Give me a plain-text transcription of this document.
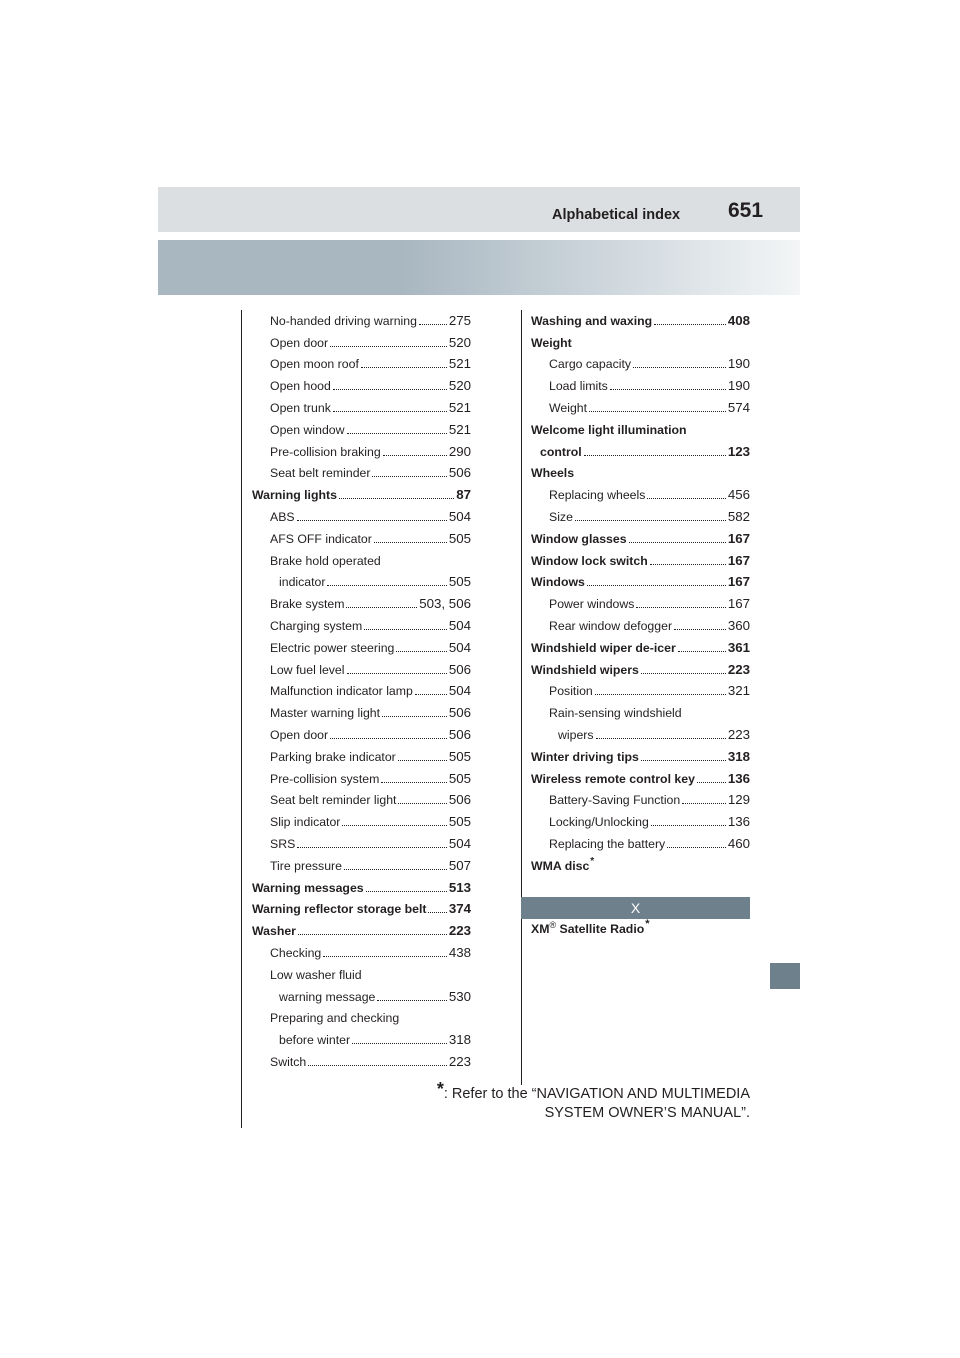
Alphabetical index 651
No-handed driving warning 275
Open door	520
Open moon roof	521
Open hood	520
Open trunk	521
Open window	521
Pre-collision braking	290
Seat belt reminder	506
Warning lights	87
ABS	504
AFS OFF indicator	505
Brake hold operated
indicator	505
Brake system	503, 506
Charging system	504
Electric power steering	504
Low fuel level	506
Malfunction indicator lamp	504
Master warning light	506
Open door	506
Parking brake indicator	505
Pre-collision system	505
Seat belt reminder light	506
Slip indicator	505
SRS	504
Tire pressure	507
Warning messages	513
Warning reflector storage belt 374
Washer	223
Checking	438
Low washer fluid
warning message	530
Preparing and checking
before winter	318
Switch	223
Washing and waxing	408
Weight
Cargo capacity	190
Load limits	190
Weight	574
Welcome light illumination
control	123
Wheels
Replacing wheels	456
Size	582
Window glasses	167
Window lock switch	167
Windows	167
Power windows	167
Rear window defogger	360
Windshield wiper de-icer	361
Windshield wipers	223
Position	321
Rain-sensing windshield
wipers	223
Winter driving tips	318
Wireless remote control key 136
Battery-Saving Function	129
Locking/Unlocking	136
Replacing the battery	460
WMA disc *
X
XM® Satellite Radio*
*: Refer to the “NAVIGATION AND MULTIMEDIA
SYSTEM OWNER’S MANUAL”.
